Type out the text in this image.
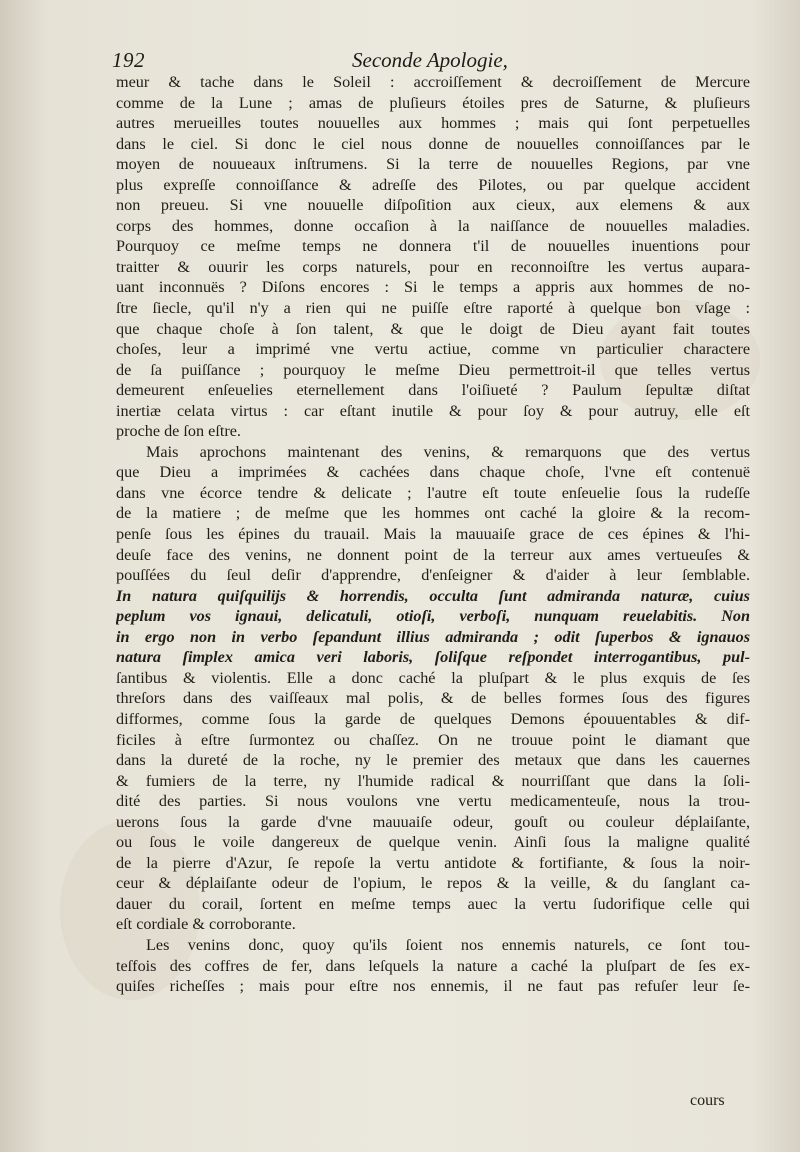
192	Seconde Apologie,
meur & tache dans le Soleil : accroiſſement & decroiſſement de Mercure
comme de la Lune ; amas de pluſieurs étoiles pres de Saturne, & pluſieurs
autres merueilles toutes nouuelles aux hommes ; mais qui ſont perpetuelles
dans le ciel. Si donc le ciel nous donne de nouuelles connoiſſances par le
moyen de nouueaux inſtrumens. Si la terre de nouuelles Regions, par vne
plus expreſſe connoiſſance & adreſſe des Pilotes, ou par quelque accident
non preueu. Si vne nouuelle diſpoſition aux cieux, aux elemens & aux
corps des hommes, donne occaſion à la naiſſance de nouuelles maladies.
Pourquoy ce meſme temps ne donnera t'il de nouuelles inuentions pour
traitter & ouurir les corps naturels, pour en reconnoiſtre les vertus aupara-
uant inconnuës ? Diſons encores : Si le temps a appris aux hommes de no-
ſtre ſiecle, qu'il n'y a rien qui ne puiſſe eſtre raporté à quelque bon vſage :
que chaque choſe à ſon talent, & que le doigt de Dieu ayant fait toutes
choſes, leur a imprimé vne vertu actiue, comme vn particulier charactere
de ſa puiſſance ; pourquoy le meſme Dieu permettroit-il que telles vertus
demeurent enſeuelies eternellement dans l'oiſiueté ? Paulum ſepultæ diſtat
inertiæ celata virtus : car eſtant inutile & pour ſoy & pour autruy, elle eſt
proche de ſon eſtre.
Mais aprochons maintenant des venins, & remarquons que des vertus
que Dieu a imprimées & cachées dans chaque choſe, l'vne eſt contenuë
dans vne écorce tendre & delicate ; l'autre eſt toute enſeuelie ſous la rudeſſe
de la matiere ; de meſme que les hommes ont caché la gloire & la recom-
penſe ſous les épines du trauail. Mais la mauuaiſe grace de ces épines & l'hi-
deuſe face des venins, ne donnent point de la terreur aux ames vertueuſes &
pouſſées du ſeul deſir d'apprendre, d'enſeigner & d'aider à leur ſemblable.
In natura quiſquilijs & horrendis, occulta ſunt admiranda naturæ, cuius
peplum vos ignaui, delicatuli, otioſi, verboſi, nunquam reuelabitis. Non
in ergo non in verbo ſepandunt illius admiranda ; odit ſuperbos & ignauos
natura ſimplex amica veri laboris, ſoliſque reſpondet interrogantibus, pul-
ſantibus & violentis. Elle a donc caché la pluſpart & le plus exquis de ſes
threſors dans des vaiſſeaux mal polis, & de belles formes ſous des figures
difformes, comme ſous la garde de quelques Demons épouuentables & dif-
ficiles à eſtre ſurmontez ou chaſſez. On ne trouue point le diamant que
dans la dureté de la roche, ny le premier des metaux que dans les cauernes
& fumiers de la terre, ny l'humide radical & nourriſſant que dans la ſoli-
dité des parties. Si nous voulons vne vertu medicamenteuſe, nous la trou-
uerons ſous la garde d'vne mauuaiſe odeur, gouſt ou couleur déplaiſante,
ou ſous le voile dangereux de quelque venin. Ainſi ſous la maligne qualité
de la pierre d'Azur, ſe repoſe la vertu antidote & fortifiante, & ſous la noir-
ceur & déplaiſante odeur de l'opium, le repos & la veille, & du ſanglant ca-
dauer du corail, ſortent en meſme temps auec la vertu ſudorifique celle qui
eſt cordiale & corroborante.
Les venins donc, quoy qu'ils ſoient nos ennemis naturels, ce ſont tou-
teſfois des coffres de fer, dans leſquels la nature a caché la pluſpart de ſes ex-
quiſes richeſſes ; mais pour eſtre nos ennemis, il ne faut pas refuſer leur ſe-
cours
